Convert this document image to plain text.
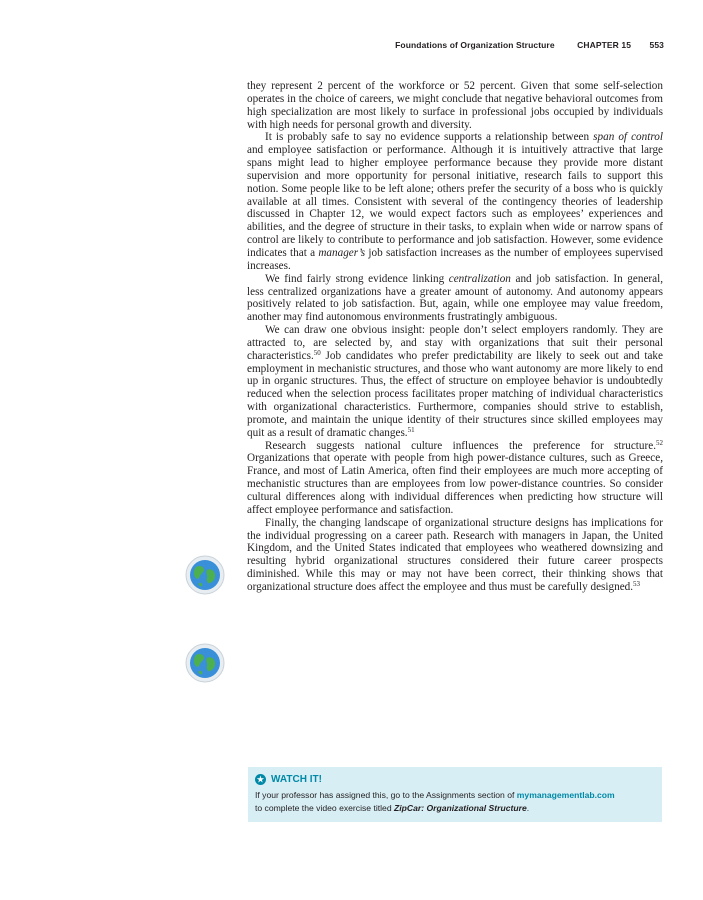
Foundations of Organization Structure	CHAPTER 15 553

they represent 2 percent of the workforce or 52 percent. Given that some self-selection operates in the choice of careers, we might conclude that negative behavioral outcomes from high specialization are most likely to surface in professional jobs occupied by individuals with high needs for personal growth and diversity.

It is probably safe to say no evidence supports a relationship between span of control and employee satisfaction or performance. Although it is intuitively attractive that large spans might lead to higher employee performance because they provide more distant supervision and more opportunity for personal initiative, research fails to support this notion. Some people like to be left alone; others prefer the security of a boss who is quickly available at all times. Consistent with several of the contingency theories of leadership discussed in Chapter 12, we would expect factors such as employees’ experiences and abilities, and the degree of structure in their tasks, to explain when wide or narrow spans of control are likely to contribute to performance and job satisfaction. However, some evidence indicates that a manager’s job satisfaction increases as the number of employees supervised increases.

We find fairly strong evidence linking centralization and job satisfaction. In general, less centralized organizations have a greater amount of autonomy. And autonomy appears positively related to job satisfaction. But, again, while one employee may value freedom, another may find autonomous environments frustratingly ambiguous.

We can draw one obvious insight: people don’t select employers randomly. They are attracted to, are selected by, and stay with organizations that suit their personal characteristics.$^{50}$ Job candidates who prefer predictability are likely to seek out and take employment in mechanistic structures, and those who want autonomy are more likely to end up in organic structures. Thus, the effect of structure on employee behavior is undoubtedly reduced when the selection process facilitates proper matching of individual characteristics with organizational characteristics. Furthermore, companies should strive to establish, promote, and maintain the unique identity of their structures since skilled employees may quit as a result of dramatic changes.$^{51}$

Research suggests national culture influences the preference for structure.$^{52}$ Organizations that operate with people from high power-distance cultures, such as Greece, France, and most of Latin America, often find their employees are much more accepting of mechanistic structures than are employees from low power-distance countries. So consider cultural differences along with individual differences when predicting how structure will affect employee performance and satisfaction.

Finally, the changing landscape of organizational structure designs has implications for the individual progressing on a career path. Research with managers in Japan, the United Kingdom, and the United States indicated that employees who weathered downsizing and resulting hybrid organizational structures considered their future career prospects diminished. While this may or may not have been correct, their thinking shows that organizational structure does affect the employee and thus must be carefully designed.$^{53}$

★ WATCH IT!
If your professor has assigned this, go to the Assignments section of mymanagementlab.com
to complete the video exercise titled ZipCar: Organizational Structure.
